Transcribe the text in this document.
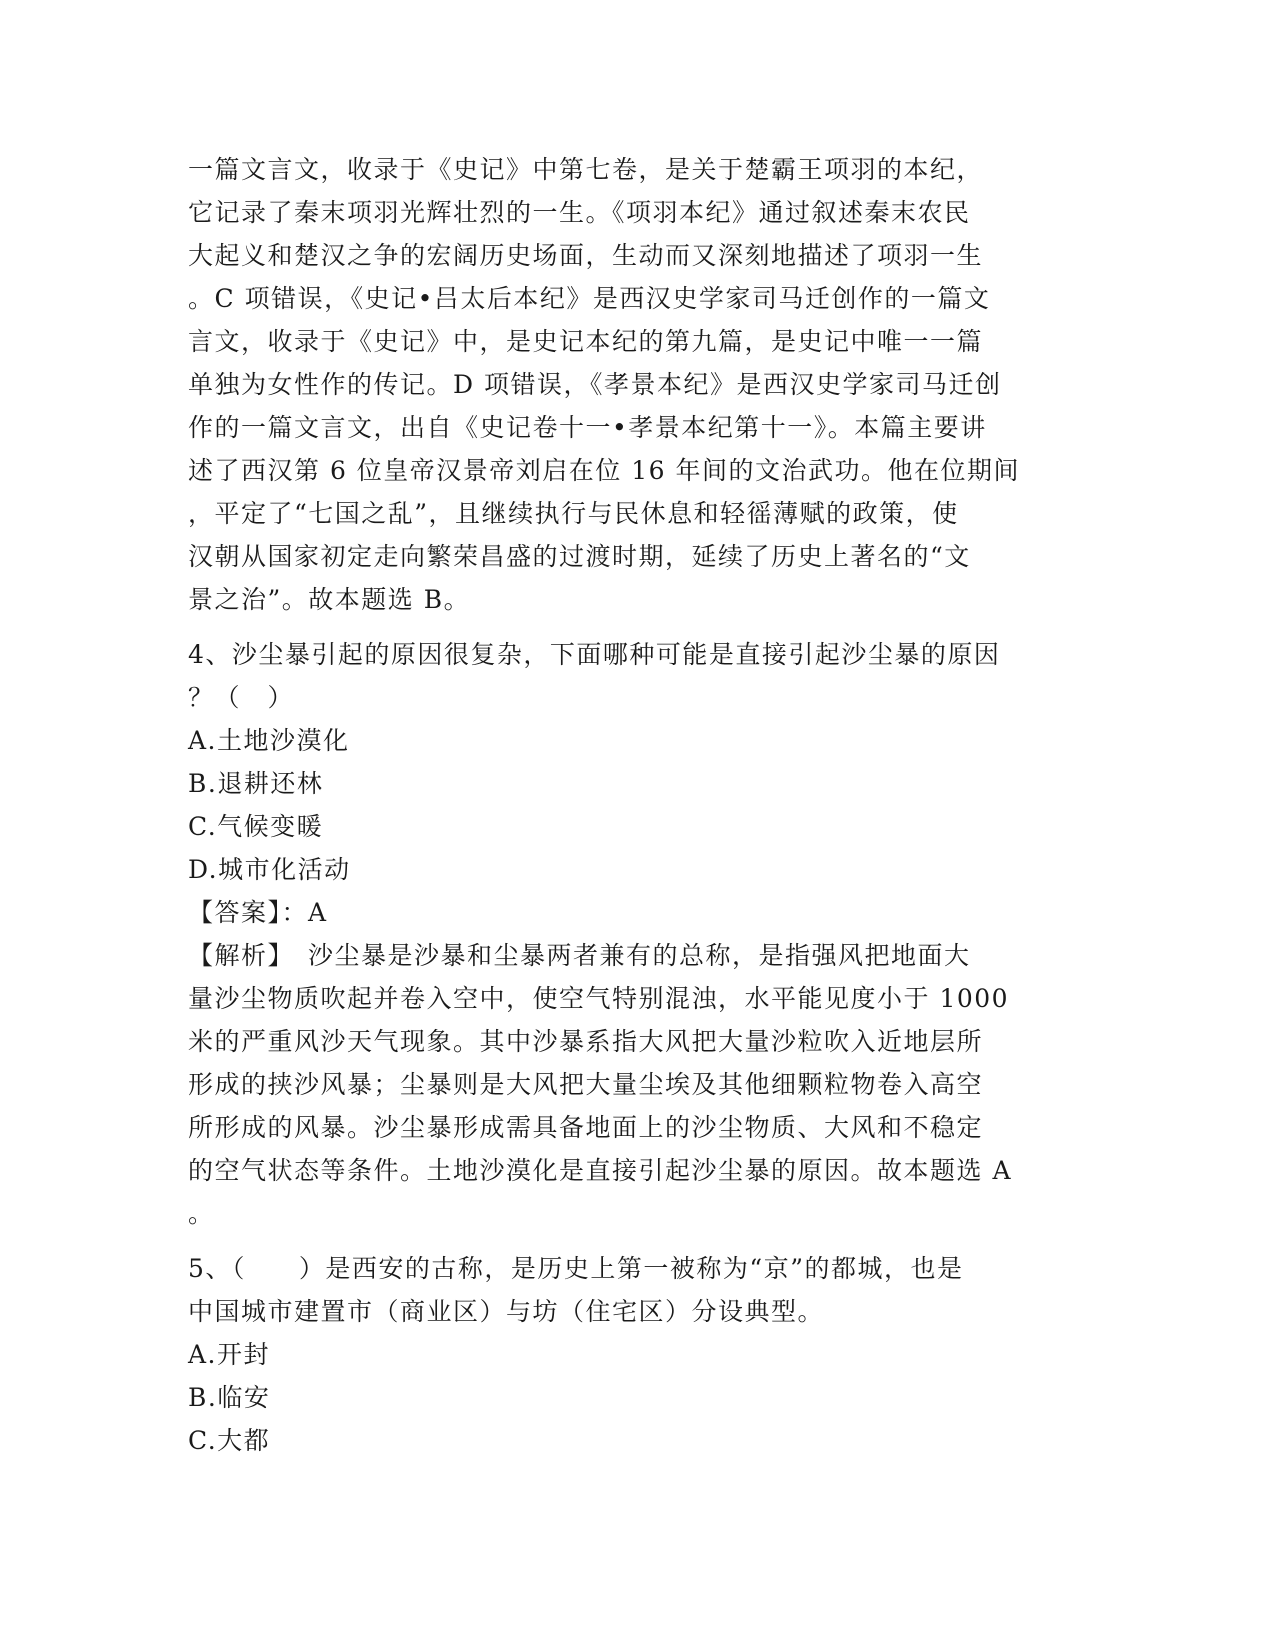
一篇文言文，收录于《史记》中第七卷，是关于楚霸王项羽的本纪，
它记录了秦末项羽光辉壮烈的一生。《项羽本纪》通过叙述秦末农民
大起义和楚汉之争的宏阔历史场面，生动而又深刻地描述了项羽一生
。C 项错误，《史记•吕太后本纪》是西汉史学家司马迁创作的一篇文
言文，收录于《史记》中，是史记本纪的第九篇，是史记中唯一一篇
单独为女性作的传记。D 项错误，《孝景本纪》是西汉史学家司马迁创
作的一篇文言文，出自《史记卷十一•孝景本纪第十一》。本篇主要讲
述了西汉第 6 位皇帝汉景帝刘启在位 16 年间的文治武功。他在位期间
，平定了“七国之乱”，且继续执行与民休息和轻徭薄赋的政策，使
汉朝从国家初定走向繁荣昌盛的过渡时期，延续了历史上著名的“文
景之治”。故本题选 B。
4、沙尘暴引起的原因很复杂，下面哪种可能是直接引起沙尘暴的原因
？（　）
A.土地沙漠化
B.退耕还林
C.气候变暖
D.城市化活动
【答案】：A
【解析】　沙尘暴是沙暴和尘暴两者兼有的总称，是指强风把地面大
量沙尘物质吹起并卷入空中，使空气特别混浊，水平能见度小于 1000
米的严重风沙天气现象。其中沙暴系指大风把大量沙粒吹入近地层所
形成的挟沙风暴；尘暴则是大风把大量尘埃及其他细颗粒物卷入高空
所形成的风暴。沙尘暴形成需具备地面上的沙尘物质、大风和不稳定
的空气状态等条件。土地沙漠化是直接引起沙尘暴的原因。故本题选 A
。
5、（　　）是西安的古称，是历史上第一被称为“京”的都城，也是
中国城市建置市（商业区）与坊（住宅区）分设典型。
A.开封
B.临安
C.大都
